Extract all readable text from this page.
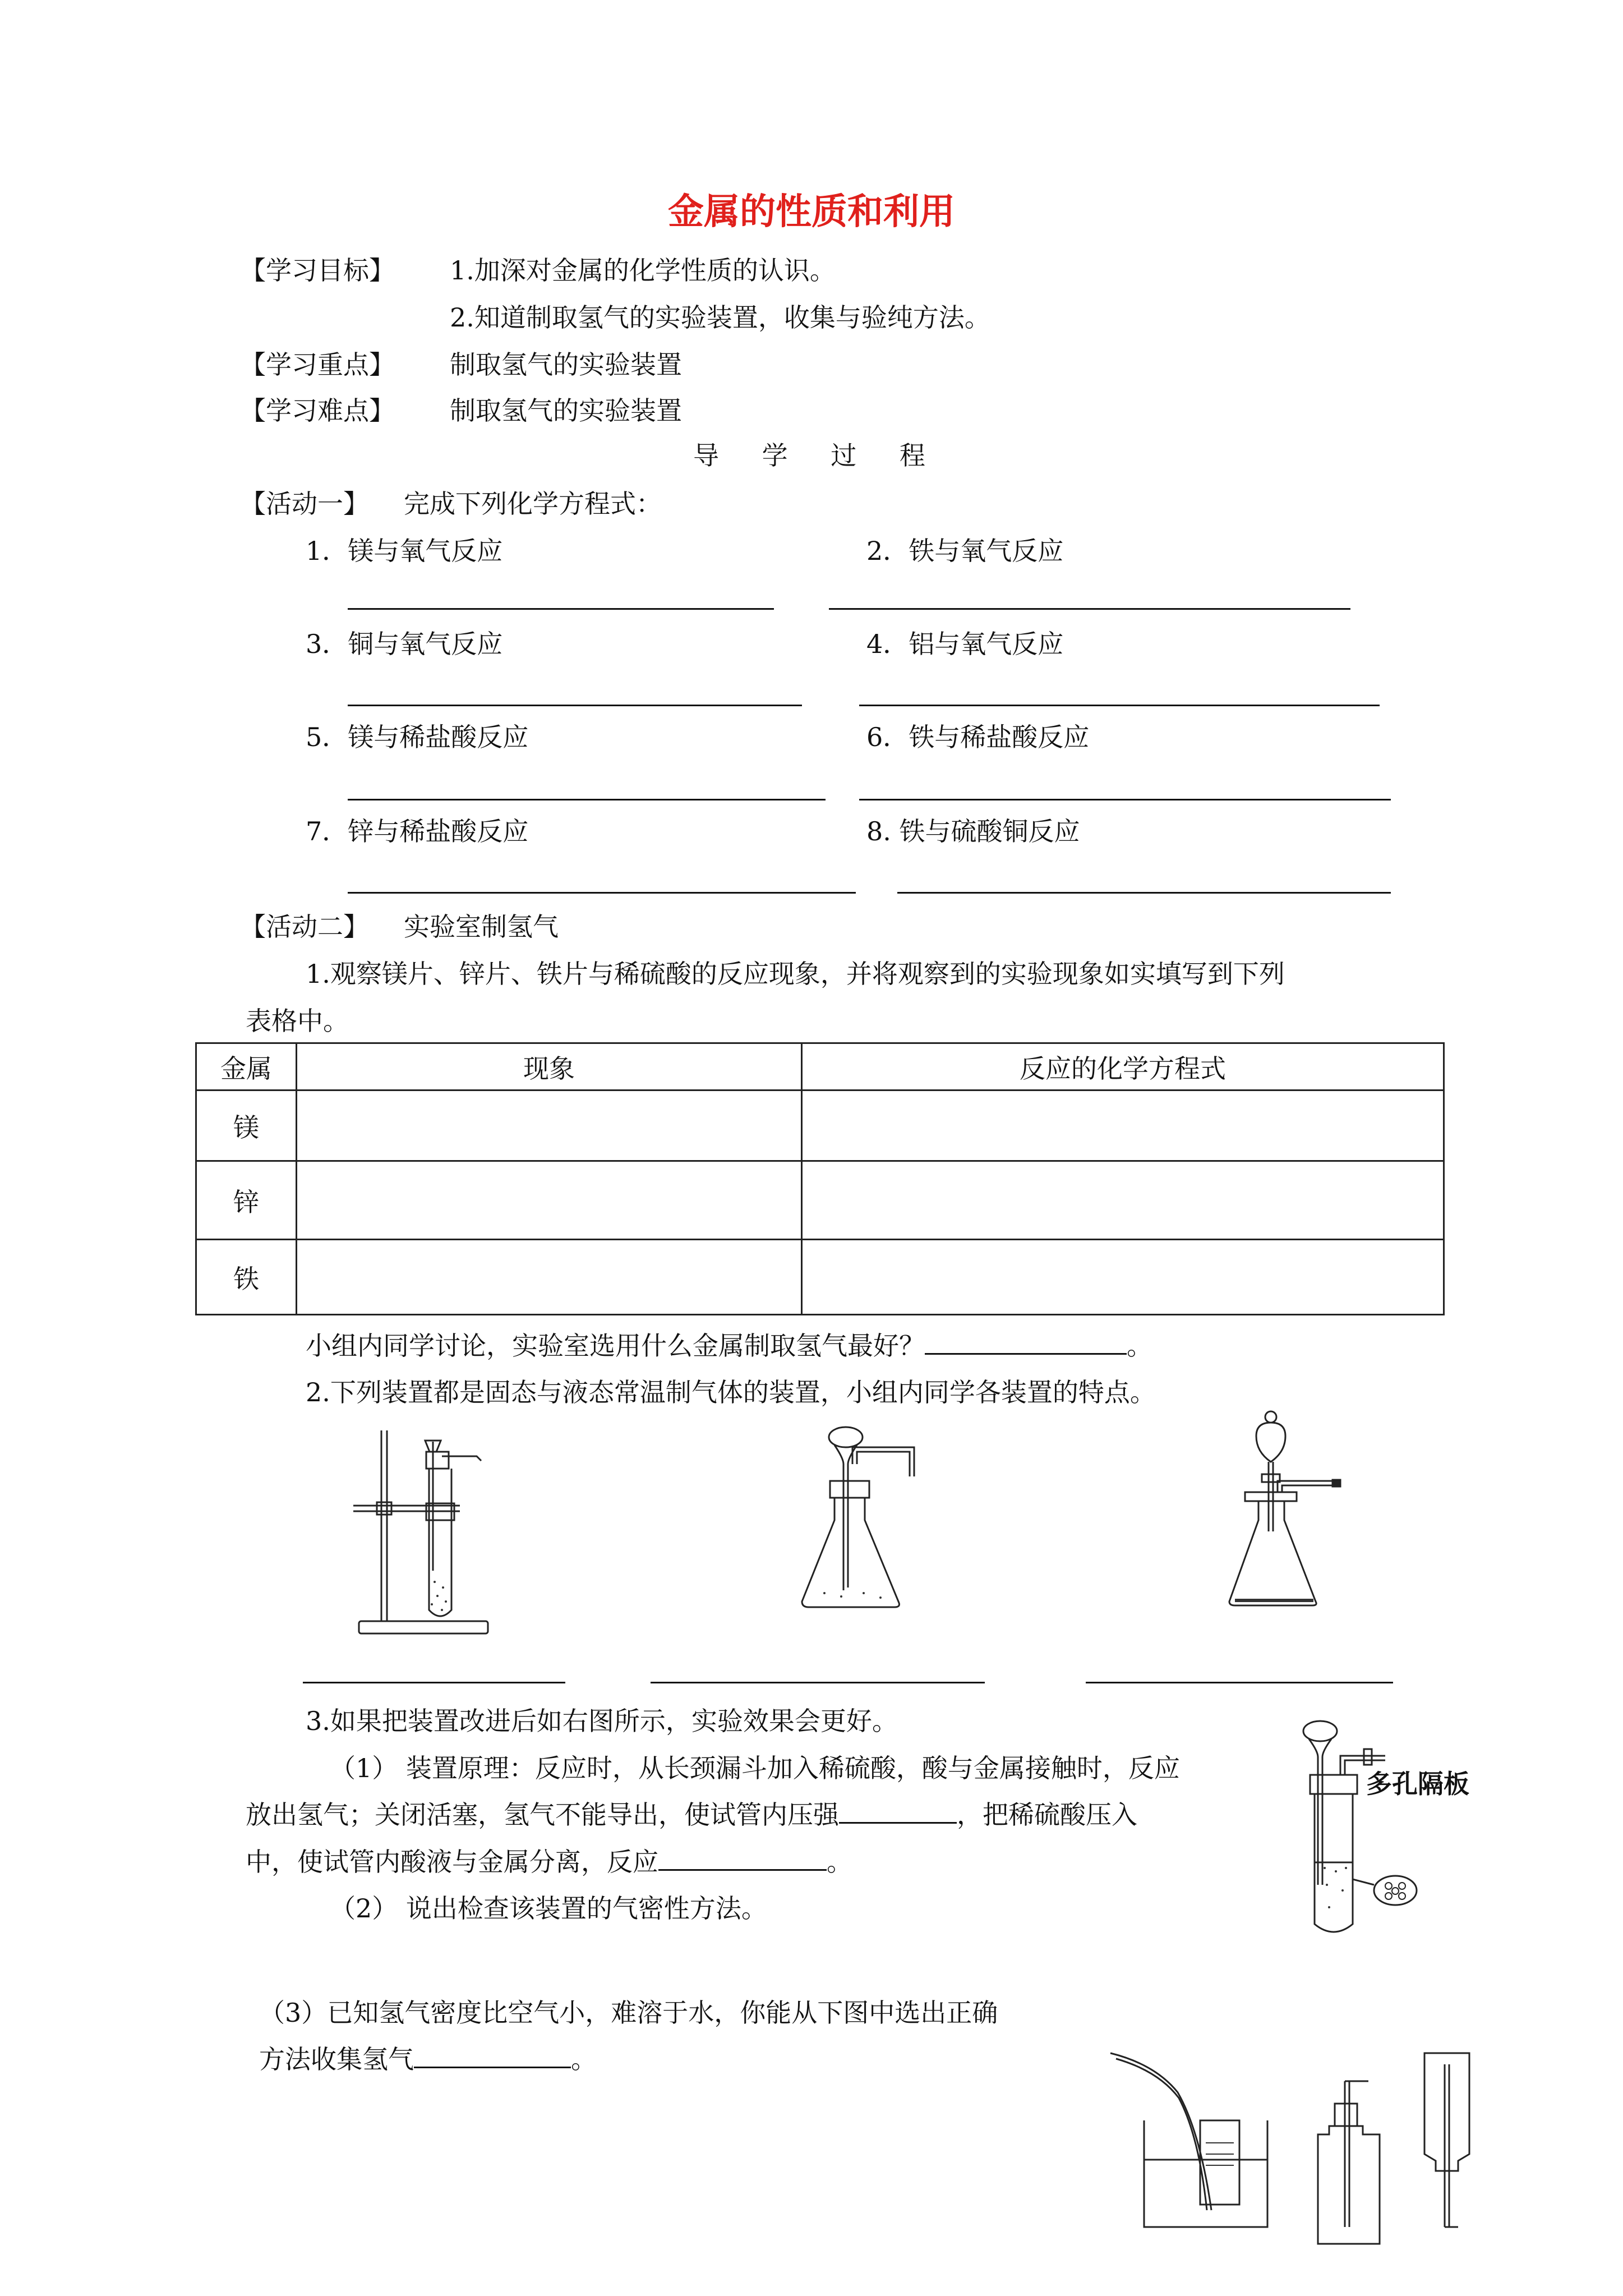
金属的性质和利用
【学习目标】 1.加深对金属的化学性质的认识。
2.知道制取氢气的实验装置，收集与验纯方法。
【学习重点】 制取氢气的实验装置
【学习难点】 制取氢气的实验装置
导 学 过 程
【活动一】 完成下列化学方程式：
1．镁与氧气反应	2．铁与氧气反应
3．铜与氧气反应	4．铝与氧气反应
5．镁与稀盐酸反应	6．铁与稀盐酸反应
7．锌与稀盐酸反应	8. 铁与硫酸铜反应
【活动二】 实验室制氢气
1.观察镁片、锌片、铁片与稀硫酸的反应现象，并将观察到的实验现象如实填写到下列
表格中。
金属	现象	反应的化学方程式
镁		
锌		
铁		
小组内同学讨论，实验室选用什么金属制取氢气最好？	。
2.下列装置都是固态与液态常温制气体的装置，小组内同学各装置的特点。
3.如果把装置改进后如右图所示，实验效果会更好。
（1） 装置原理：反应时，从长颈漏斗加入稀硫酸，酸与金属接触时，反应
放出氢气；关闭活塞，氢气不能导出，使试管内压强	，把稀硫酸压入
中，使试管内酸液与金属分离，反应	。
（2） 说出检查该装置的气密性方法。
多孔隔板
（3）已知氢气密度比空气小，难溶于水，你能从下图中选出正确
方法收集氢气	。
